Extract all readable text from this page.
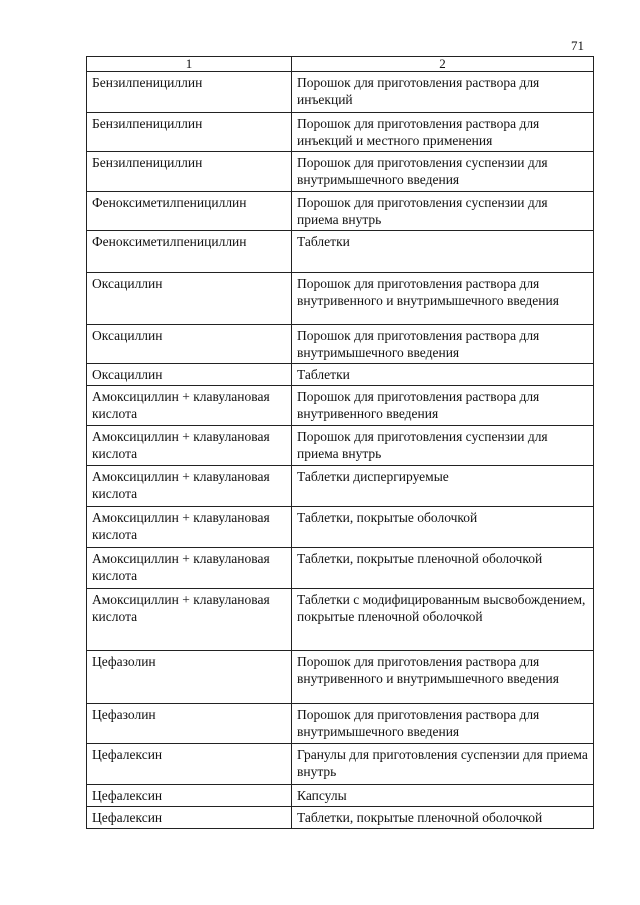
71
1	2
Бензилпенициллин	Порошок для приготовления раствора для инъекций
Бензилпенициллин	Порошок для приготовления раствора для инъекций и местного применения
Бензилпенициллин	Порошок для приготовления суспензии для внутримышечного введения
Феноксиметилпенициллин	Порошок для приготовления суспензии для приема внутрь
Феноксиметилпенициллин	Таблетки
Оксациллин	Порошок для приготовления раствора для внутривенного и внутримышечного введения
Оксациллин	Порошок для приготовления раствора для внутримышечного введения
Оксациллин	Таблетки
Амоксициллин + клавулановая кислота	Порошок для приготовления раствора для внутривенного введения
Амоксициллин + клавулановая кислота	Порошок для приготовления суспензии для приема внутрь
Амоксициллин + клавулановая кислота	Таблетки диспергируемые
Амоксициллин + клавулановая кислота	Таблетки, покрытые оболочкой
Амоксициллин + клавулановая кислота	Таблетки, покрытые пленочной оболочкой
Амоксициллин + клавулановая кислота	Таблетки с модифицированным высвобождением, покрытые пленочной оболочкой
Цефазолин	Порошок для приготовления раствора для внутривенного и внутримышечного введения
Цефазолин	Порошок для приготовления раствора для внутримышечного введения
Цефалексин	Гранулы для приготовления суспензии для приема внутрь
Цефалексин	Капсулы
Цефалексин	Таблетки, покрытые пленочной оболочкой
